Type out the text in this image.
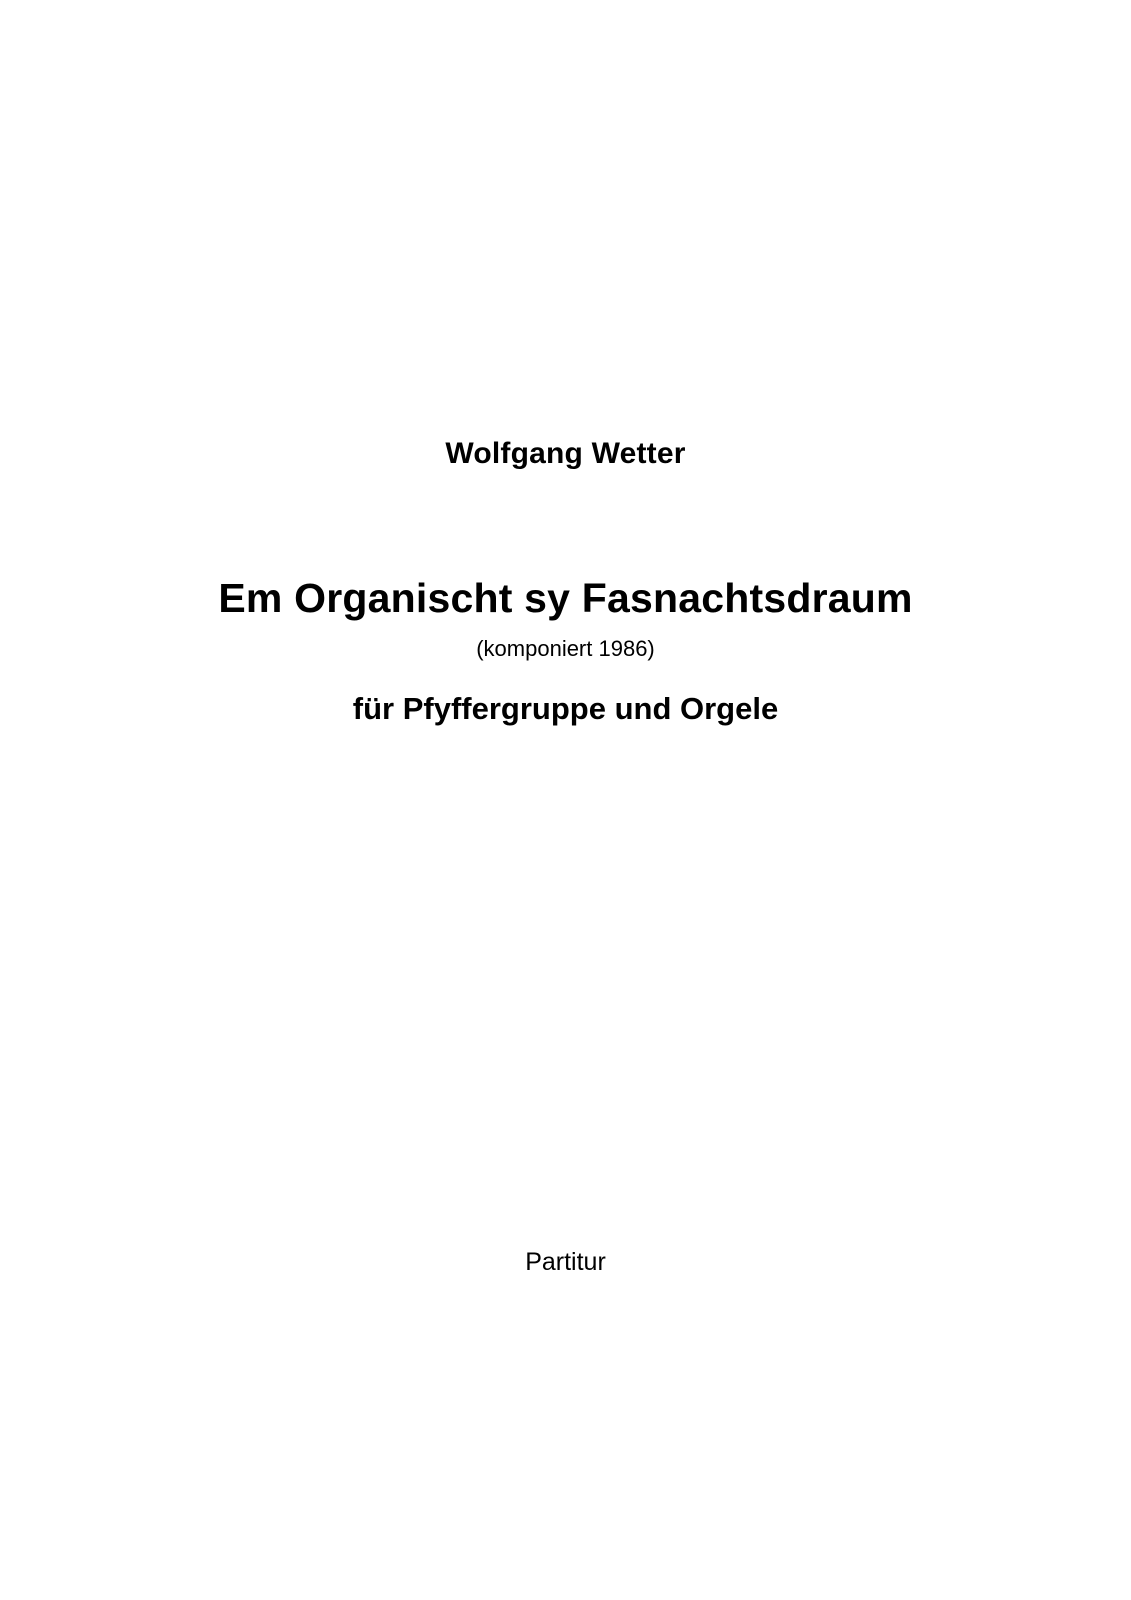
Wolfgang Wetter
Em Organischt sy Fasnachtsdraum
(komponiert 1986)
für Pfyffergruppe und Orgele
Partitur
